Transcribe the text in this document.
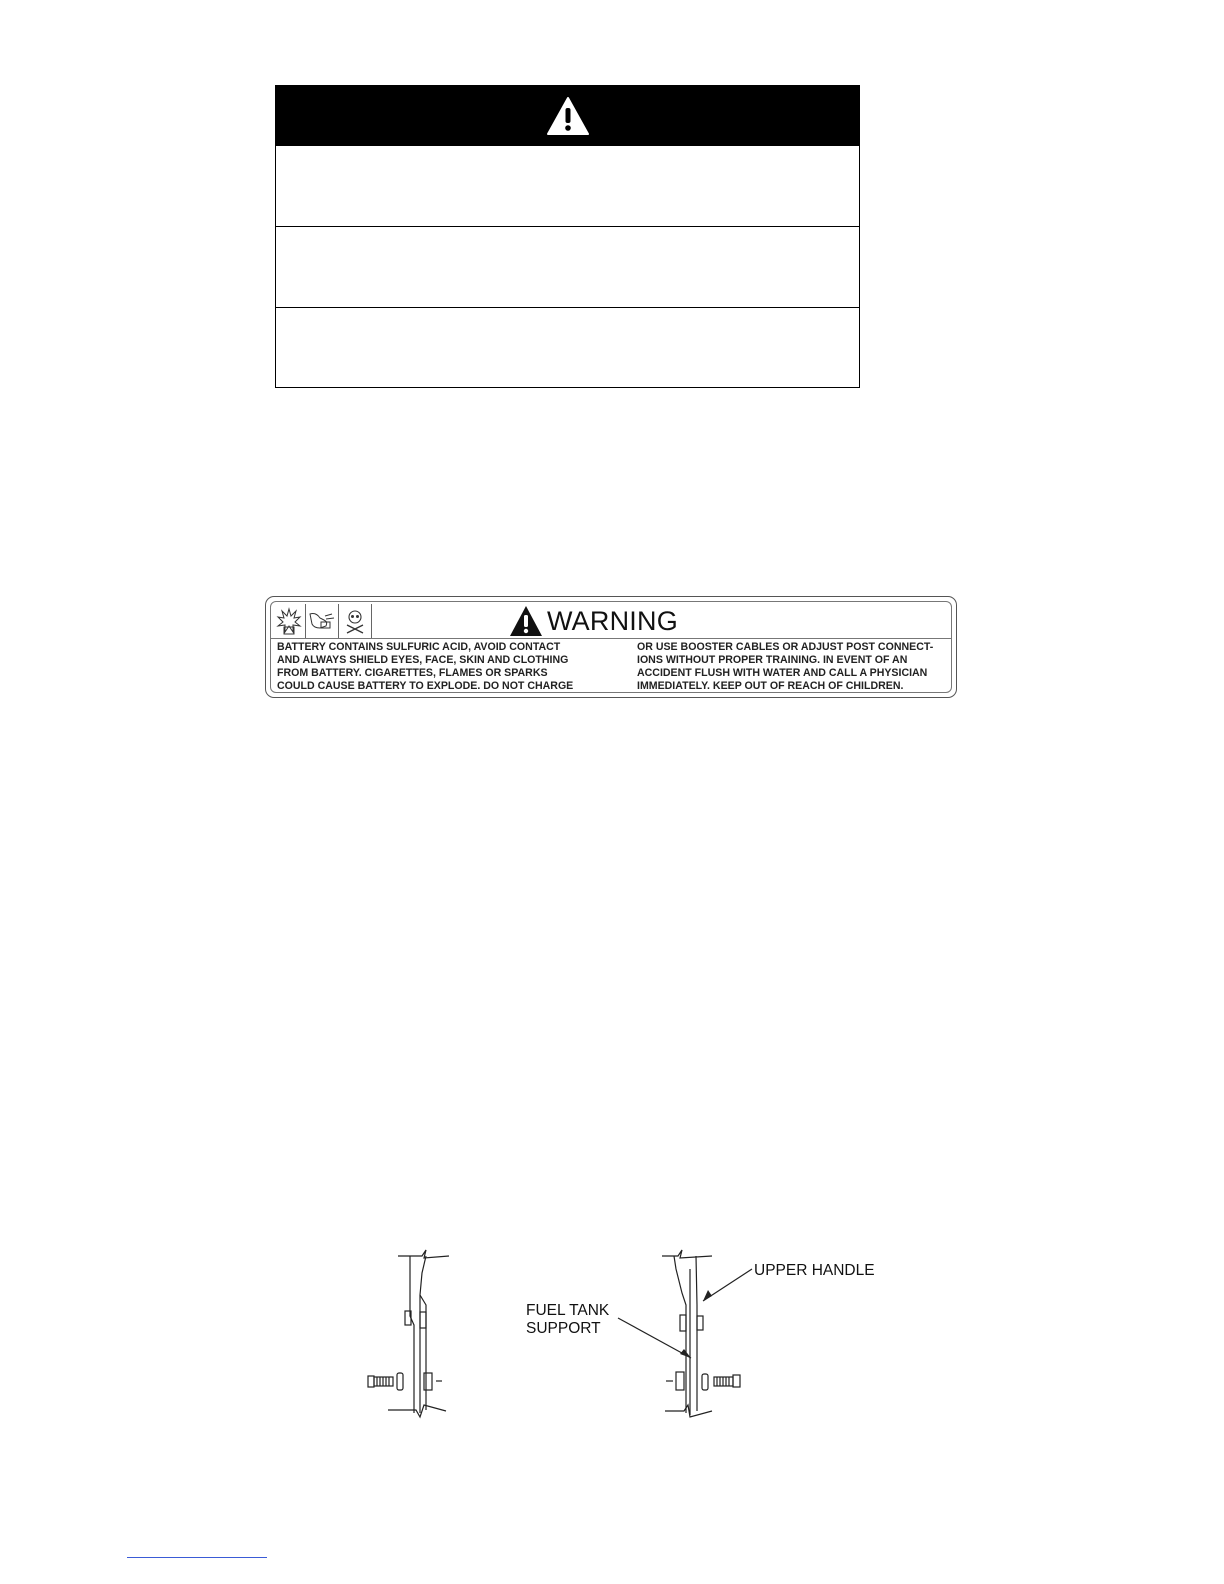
WARNING
BATTERY CONTAINS SULFURIC ACID, AVOID CONTACT
AND ALWAYS SHIELD EYES, FACE, SKIN AND CLOTHING
FROM BATTERY. CIGARETTES, FLAMES OR SPARKS
COULD CAUSE BATTERY TO EXPLODE. DO NOT CHARGE
OR USE BOOSTER CABLES OR ADJUST POST CONNECT-
IONS WITHOUT PROPER TRAINING. IN EVENT OF AN
ACCIDENT FLUSH WITH WATER AND CALL A PHYSICIAN
IMMEDIATELY. KEEP OUT OF REACH OF CHILDREN.
UPPER HANDLE
FUEL TANK
SUPPORT
